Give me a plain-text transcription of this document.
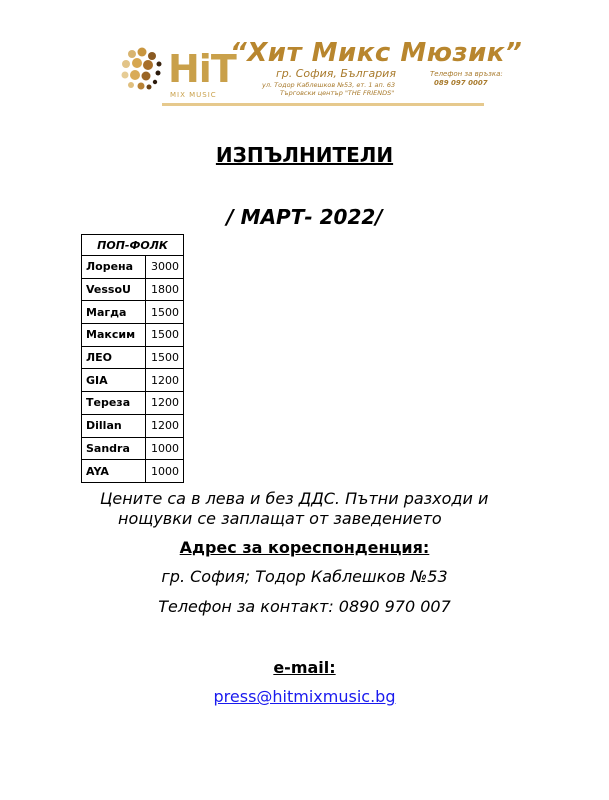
HiT
MIX MUSIC
“Хит Микс Мюзик”
гр. София, България
ул. Тодор Каблешков №53, ет. 1 ап. 63
Търговски център "THE FRIENDS"
Телефон за връзка:
089 097 0007
ИЗПЪЛНИТЕЛИ
/ МАРТ- 2022/
ПОП-ФОЛК	
Лорена	3000
VessoU	1800
Магда	1500
Максим	1500
ЛЕО	1500
GIA	1200
Тереза	1200
Dillan	1200
Sandra	1000
AYA	1000
Цените са в лева и без ДДС. Пътни разходи и
нощувки се заплащат от заведението
Адрес за кореспонденция:
гр. София; Тодор Каблешков №53
Телефон за контакт: 0890 970 007
e-mail:
press@hitmixmusic.bg
